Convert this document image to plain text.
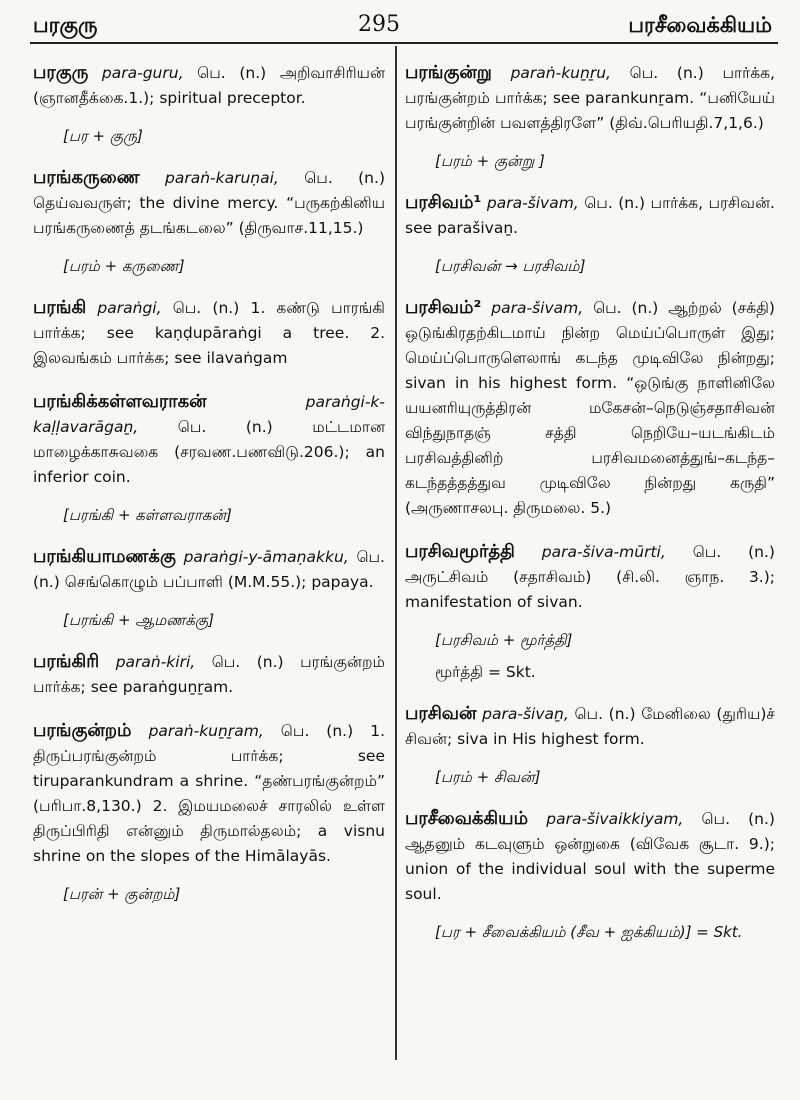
பரகுரு	295	பரசீவைக்கியம்

பரகுரு para-guru, பெ. (n.) அறிவாசிரியன் (ஞானதீக்கை.1.); spiritual preceptor.

[பர + குரு]

பரங்கருணை paraṅ-karuṇai, பெ. (n.) தெய்வவருள்; the divine mercy. “பருகற்கினிய பரங்கருணைத் தடங்கடலை” (திருவாச.11,15.)

[பரம் + கருணை]

பரங்கி paraṅgi, பெ. (n.) 1. கண்டு பாரங்கி பார்க்க; see kaṇḍupāraṅgi a tree. 2. இலவங்கம் பார்க்க; see ilavaṅgam

பரங்கிக்கள்ளவராகன்	paraṅgi-k-kaḷḷavarāgaṉ,	பெ. (n.)	மட்டமான மாழைக்காசுவகை (சரவண.பணவிடு.206.); an inferior coin.

[பரங்கி + கள்ளவராகன்]

பரங்கியாமணக்கு paraṅgi-y-āmaṇakku, பெ. (n.) செங்கொழும் பப்பாளி (M.M.55.); papaya.

[பரங்கி + ஆமணக்கு]

பரங்கிரி paraṅ-kiri, பெ. (n.) பரங்குன்றம் பார்க்க; see paraṅguṉṟam.

பரங்குன்றம் paraṅ-kuṉṟam, பெ. (n.) 1. திருப்பரங்குன்றம் பார்க்க; see tiruparankundram a shrine. “தண்பரங்குன்றம்” (பரிபா.8,130.) 2. இமயமலைச் சாரலில் உள்ள திருப்பிரிதி என்னும் திருமால்தலம்; a visnu shrine on the slopes of the Himālayās.

[பரன் + குன்றம்]

பரங்குன்று paraṅ-kuṉṟu, பெ. (n.) பார்க்க, பரங்குன்றம் பார்க்க; see parankunṟam. “பனியேய் பரங்குன்றின் பவளத்திரளே” (திவ்.பெரியதி.7,1,6.)

[பரம் + குன்று ]

பரசிவம்¹ para-šivam, பெ. (n.) பார்க்க, பரசிவன். see parašivaṉ.

[பரசிவன் → பரசிவம்]

பரசிவம்² para-šivam, பெ. (n.) ஆற்றல் (சக்தி) ஒடுங்கிரதற்கிடமாய் நின்ற மெய்ப்பொருள் இது; மெய்ப்பொருளெலாங் கடந்த முடிவிலே நின்றது; sivan in his highest form. “ஒடுங்கு நாளினிலே யயனரியுருத்திரன் மகேசன்–நெடுஞ்சதாசிவன் விந்துநாதஞ் சத்தி நெறியே–யடங்கிடம் பரசிவத்தினிற் பரசிவமனைத்துங்–கடந்த–கடந்தத்தத்துவ முடிவிலே நின்றது கருதி” (அருணாசலபு. திருமலை. 5.)

பரசிவமூர்த்தி para-šiva-mūrti, பெ. (n.) அருட்சிவம் (சதாசிவம்) (சி.லி. ஞாந. 3.); manifestation of sivan.

[பரசிவம் + மூர்த்தி]
மூர்த்தி = Skt.

பரசிவன் para-šivaṉ, பெ. (n.) மேனிலை (துரிய)ச் சிவன்; siva in His highest form.

[பரம் + சிவன்]

பரசீவைக்கியம் para-šivaikkiyam, பெ. (n.) ஆதனும் கடவுளும் ஒன்றுகை (விவேக சூடா. 9.); union of the individual soul with the superme soul.

[பர + சீவைக்கியம் (சீவ + ஐக்கியம்)] = Skt.
